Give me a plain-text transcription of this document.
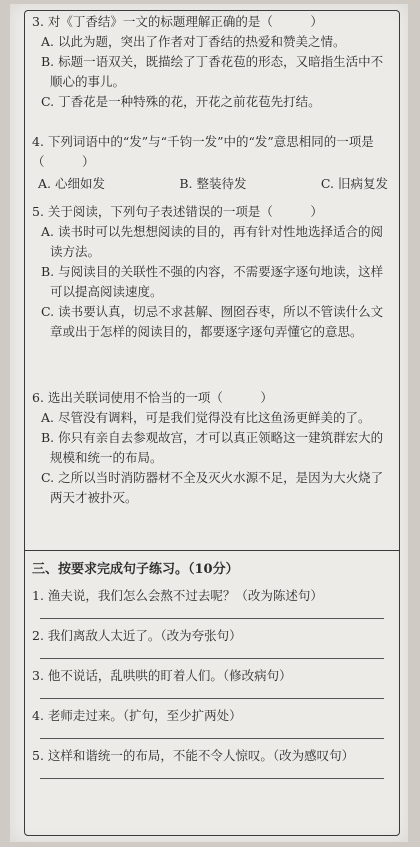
3. 对《丁香结》一文的标题理解正确的是（　　　）

A. 以此为题，突出了作者对丁香结的热爱和赞美之情。

B. 标题一语双关，既描绘了丁香花苞的形态，又暗指生活中不顺心的事儿。

C. 丁香花是一种特殊的花，开花之前花苞先打结。

4. 下列词语中的“发”与“千钧一发”中的“发”意思相同的一项是（　　　）

A. 心细如发	B. 整装待发	C. 旧病复发

5. 关于阅读，下列句子表述错误的一项是（　　　）

A. 读书时可以先想想阅读的目的，再有针对性地选择适合的阅读方法。

B. 与阅读目的关联性不强的内容，不需要逐字逐句地读，这样可以提高阅读速度。

C. 读书要认真，切忌不求甚解、囫囵吞枣，所以不管读什么文章或出于怎样的阅读目的，都要逐字逐句弄懂它的意思。

6. 选出关联词使用不恰当的一项（　　　）

A. 尽管没有调料，可是我们觉得没有比这鱼汤更鲜美的了。

B. 你只有亲自去参观故宫，才可以真正领略这一建筑群宏大的规模和统一的布局。

C. 之所以当时消防器材不全及灭火水源不足，是因为大火烧了两天才被扑灭。

三、按要求完成句子练习。（10分）

1. 渔夫说，我们怎么会熬不过去呢？（改为陈述句）

2. 我们离敌人太近了。（改为夸张句）

3. 他不说话，乱哄哄的盯着人们。（修改病句）

4. 老师走过来。（扩句，至少扩两处）

5. 这样和谐统一的布局，不能不令人惊叹。（改为感叹句）
